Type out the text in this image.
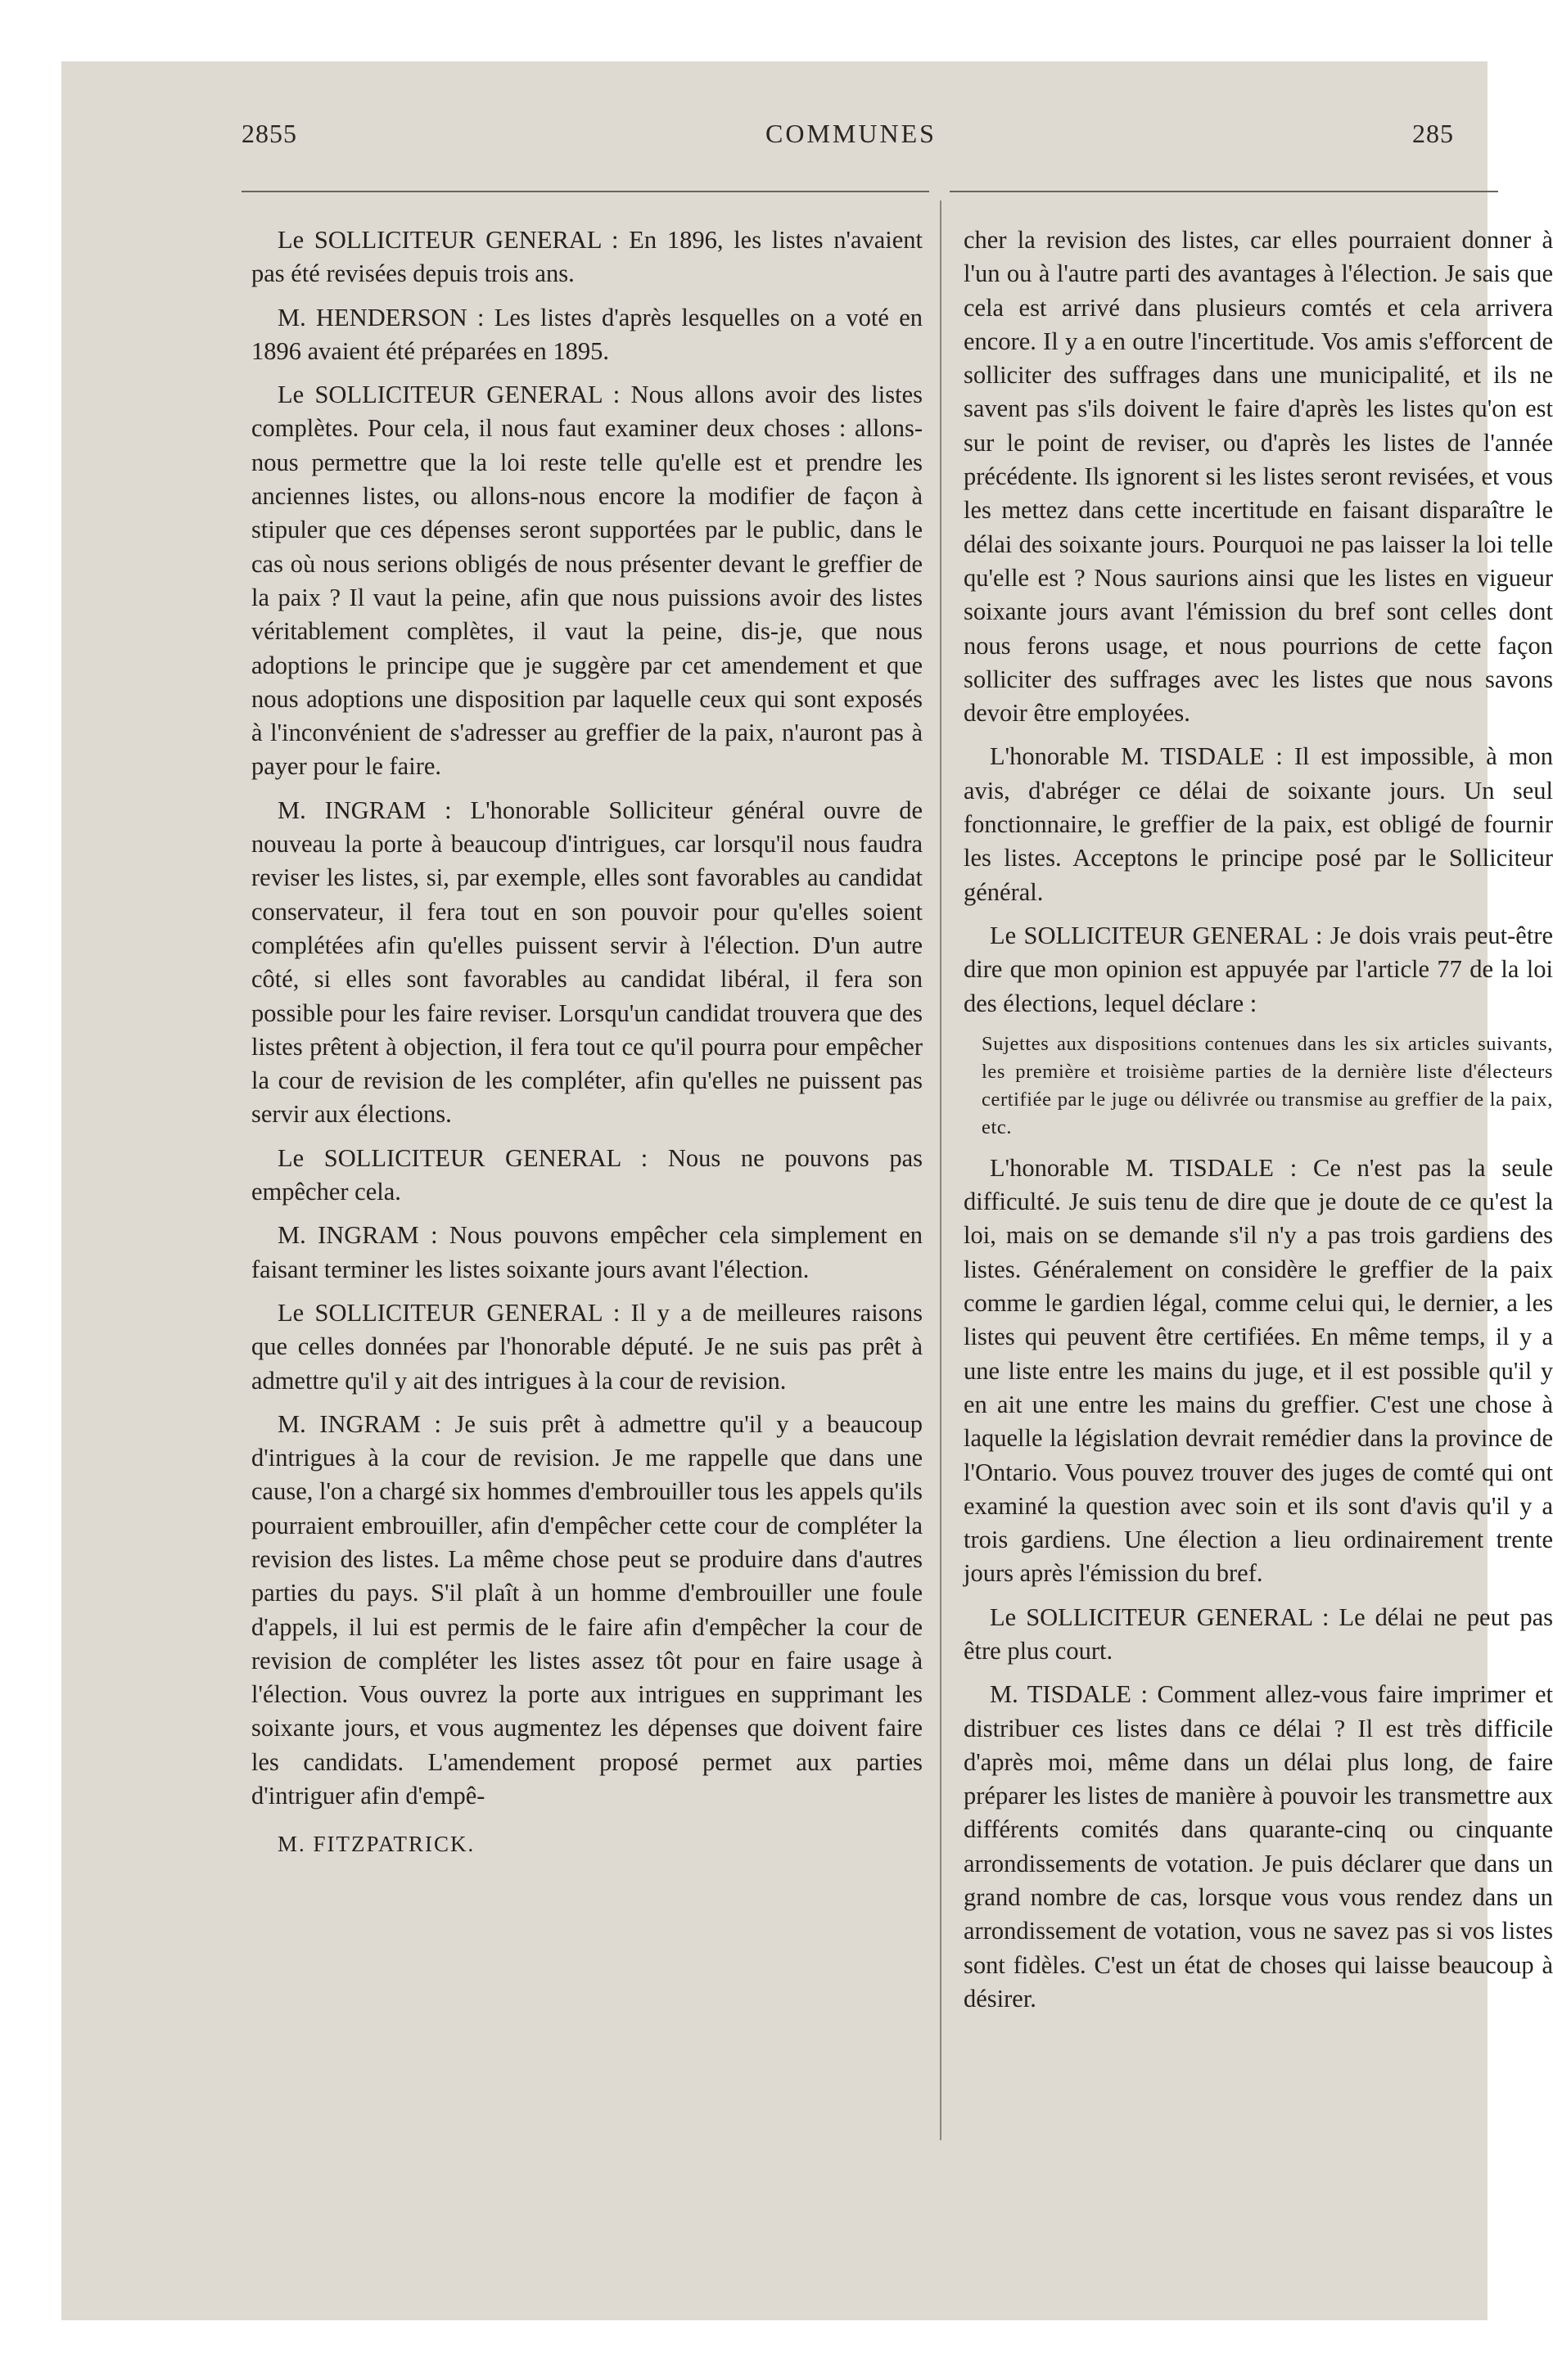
2855	COMMUNES	285

Le SOLLICITEUR GENERAL : En 1896, les listes n'avaient pas été revisées depuis trois ans.

M. HENDERSON : Les listes d'après lesquelles on a voté en 1896 avaient été préparées en 1895.

Le SOLLICITEUR GENERAL : Nous allons avoir des listes complètes. Pour cela, il nous faut examiner deux choses : allons-nous permettre que la loi reste telle qu'elle est et prendre les anciennes listes, ou allons-nous encore la modifier de façon à stipuler que ces dépenses seront supportées par le public, dans le cas où nous serions obligés de nous présenter devant le greffier de la paix ? Il vaut la peine, afin que nous puissions avoir des listes véritablement complètes, il vaut la peine, dis-je, que nous adoptions le principe que je suggère par cet amendement et que nous adoptions une disposition par laquelle ceux qui sont exposés à l'inconvénient de s'adresser au greffier de la paix, n'auront pas à payer pour le faire.

M. INGRAM : L'honorable Solliciteur général ouvre de nouveau la porte à beaucoup d'intrigues, car lorsqu'il nous faudra reviser les listes, si, par exemple, elles sont favorables au candidat conservateur, il fera tout en son pouvoir pour qu'elles soient complétées afin qu'elles puissent servir à l'élection. D'un autre côté, si elles sont favorables au candidat libéral, il fera son possible pour les faire reviser. Lorsqu'un candidat trouvera que des listes prêtent à objection, il fera tout ce qu'il pourra pour empêcher la cour de revision de les compléter, afin qu'elles ne puissent pas servir aux élections.

Le SOLLICITEUR GENERAL : Nous ne pouvons pas empêcher cela.

M. INGRAM : Nous pouvons empêcher cela simplement en faisant terminer les listes soixante jours avant l'élection.

Le SOLLICITEUR GENERAL : Il y a de meilleures raisons que celles données par l'honorable député. Je ne suis pas prêt à admettre qu'il y ait des intrigues à la cour de revision.

M. INGRAM : Je suis prêt à admettre qu'il y a beaucoup d'intrigues à la cour de revision. Je me rappelle que dans une cause, l'on a chargé six hommes d'embrouiller tous les appels qu'ils pourraient embrouiller, afin d'empêcher cette cour de compléter la revision des listes. La même chose peut se produire dans d'autres parties du pays. S'il plaît à un homme d'embrouiller une foule d'appels, il lui est permis de le faire afin d'empêcher la cour de revision de compléter les listes assez tôt pour en faire usage à l'élection. Vous ouvrez la porte aux intrigues en supprimant les soixante jours, et vous augmentez les dépenses que doivent faire les candidats. L'amendement proposé permet aux parties d'intriguer afin d'empê-

M. FITZPATRICK.

cher la revision des listes, car elles pourraient donner à l'un ou à l'autre parti des avantages à l'élection. Je sais que cela est arrivé dans plusieurs comtés et cela arrivera encore. Il y a en outre l'incertitude. Vos amis s'efforcent de solliciter des suffrages dans une municipalité, et ils ne savent pas s'ils doivent le faire d'après les listes qu'on est sur le point de reviser, ou d'après les listes de l'année précédente. Ils ignorent si les listes seront revisées, et vous les mettez dans cette incertitude en faisant disparaître le délai des soixante jours. Pourquoi ne pas laisser la loi telle qu'elle est ? Nous saurions ainsi que les listes en vigueur soixante jours avant l'émission du bref sont celles dont nous ferons usage, et nous pourrions de cette façon solliciter des suffrages avec les listes que nous savons devoir être employées.

L'honorable M. TISDALE : Il est impossible, à mon avis, d'abréger ce délai de soixante jours. Un seul fonctionnaire, le greffier de la paix, est obligé de fournir les listes. Acceptons le principe posé par le Solliciteur général.

Le SOLLICITEUR GENERAL : Je dois vrais peut-être dire que mon opinion est appuyée par l'article 77 de la loi des élections, lequel déclare :

Sujettes aux dispositions contenues dans les six articles suivants, les première et troisième parties de la dernière liste d'électeurs certifiée par le juge ou délivrée ou transmise au greffier de la paix, etc.

L'honorable M. TISDALE : Ce n'est pas la seule difficulté. Je suis tenu de dire que je doute de ce qu'est la loi, mais on se demande s'il n'y a pas trois gardiens des listes. Généralement on considère le greffier de la paix comme le gardien légal, comme celui qui, le dernier, a les listes qui peuvent être certifiées. En même temps, il y a une liste entre les mains du juge, et il est possible qu'il y en ait une entre les mains du greffier. C'est une chose à laquelle la législation devrait remédier dans la province de l'Ontario. Vous pouvez trouver des juges de comté qui ont examiné la question avec soin et ils sont d'avis qu'il y a trois gardiens. Une élection a lieu ordinairement trente jours après l'émission du bref.

Le SOLLICITEUR GENERAL : Le délai ne peut pas être plus court.

M. TISDALE : Comment allez-vous faire imprimer et distribuer ces listes dans ce délai ? Il est très difficile d'après moi, même dans un délai plus long, de faire préparer les listes de manière à pouvoir les transmettre aux différents comités dans quarante-cinq ou cinquante arrondissements de votation. Je puis déclarer que dans un grand nombre de cas, lorsque vous vous rendez dans un arrondissement de votation, vous ne savez pas si vos listes sont fidèles. C'est un état de choses qui laisse beaucoup à désirer.
